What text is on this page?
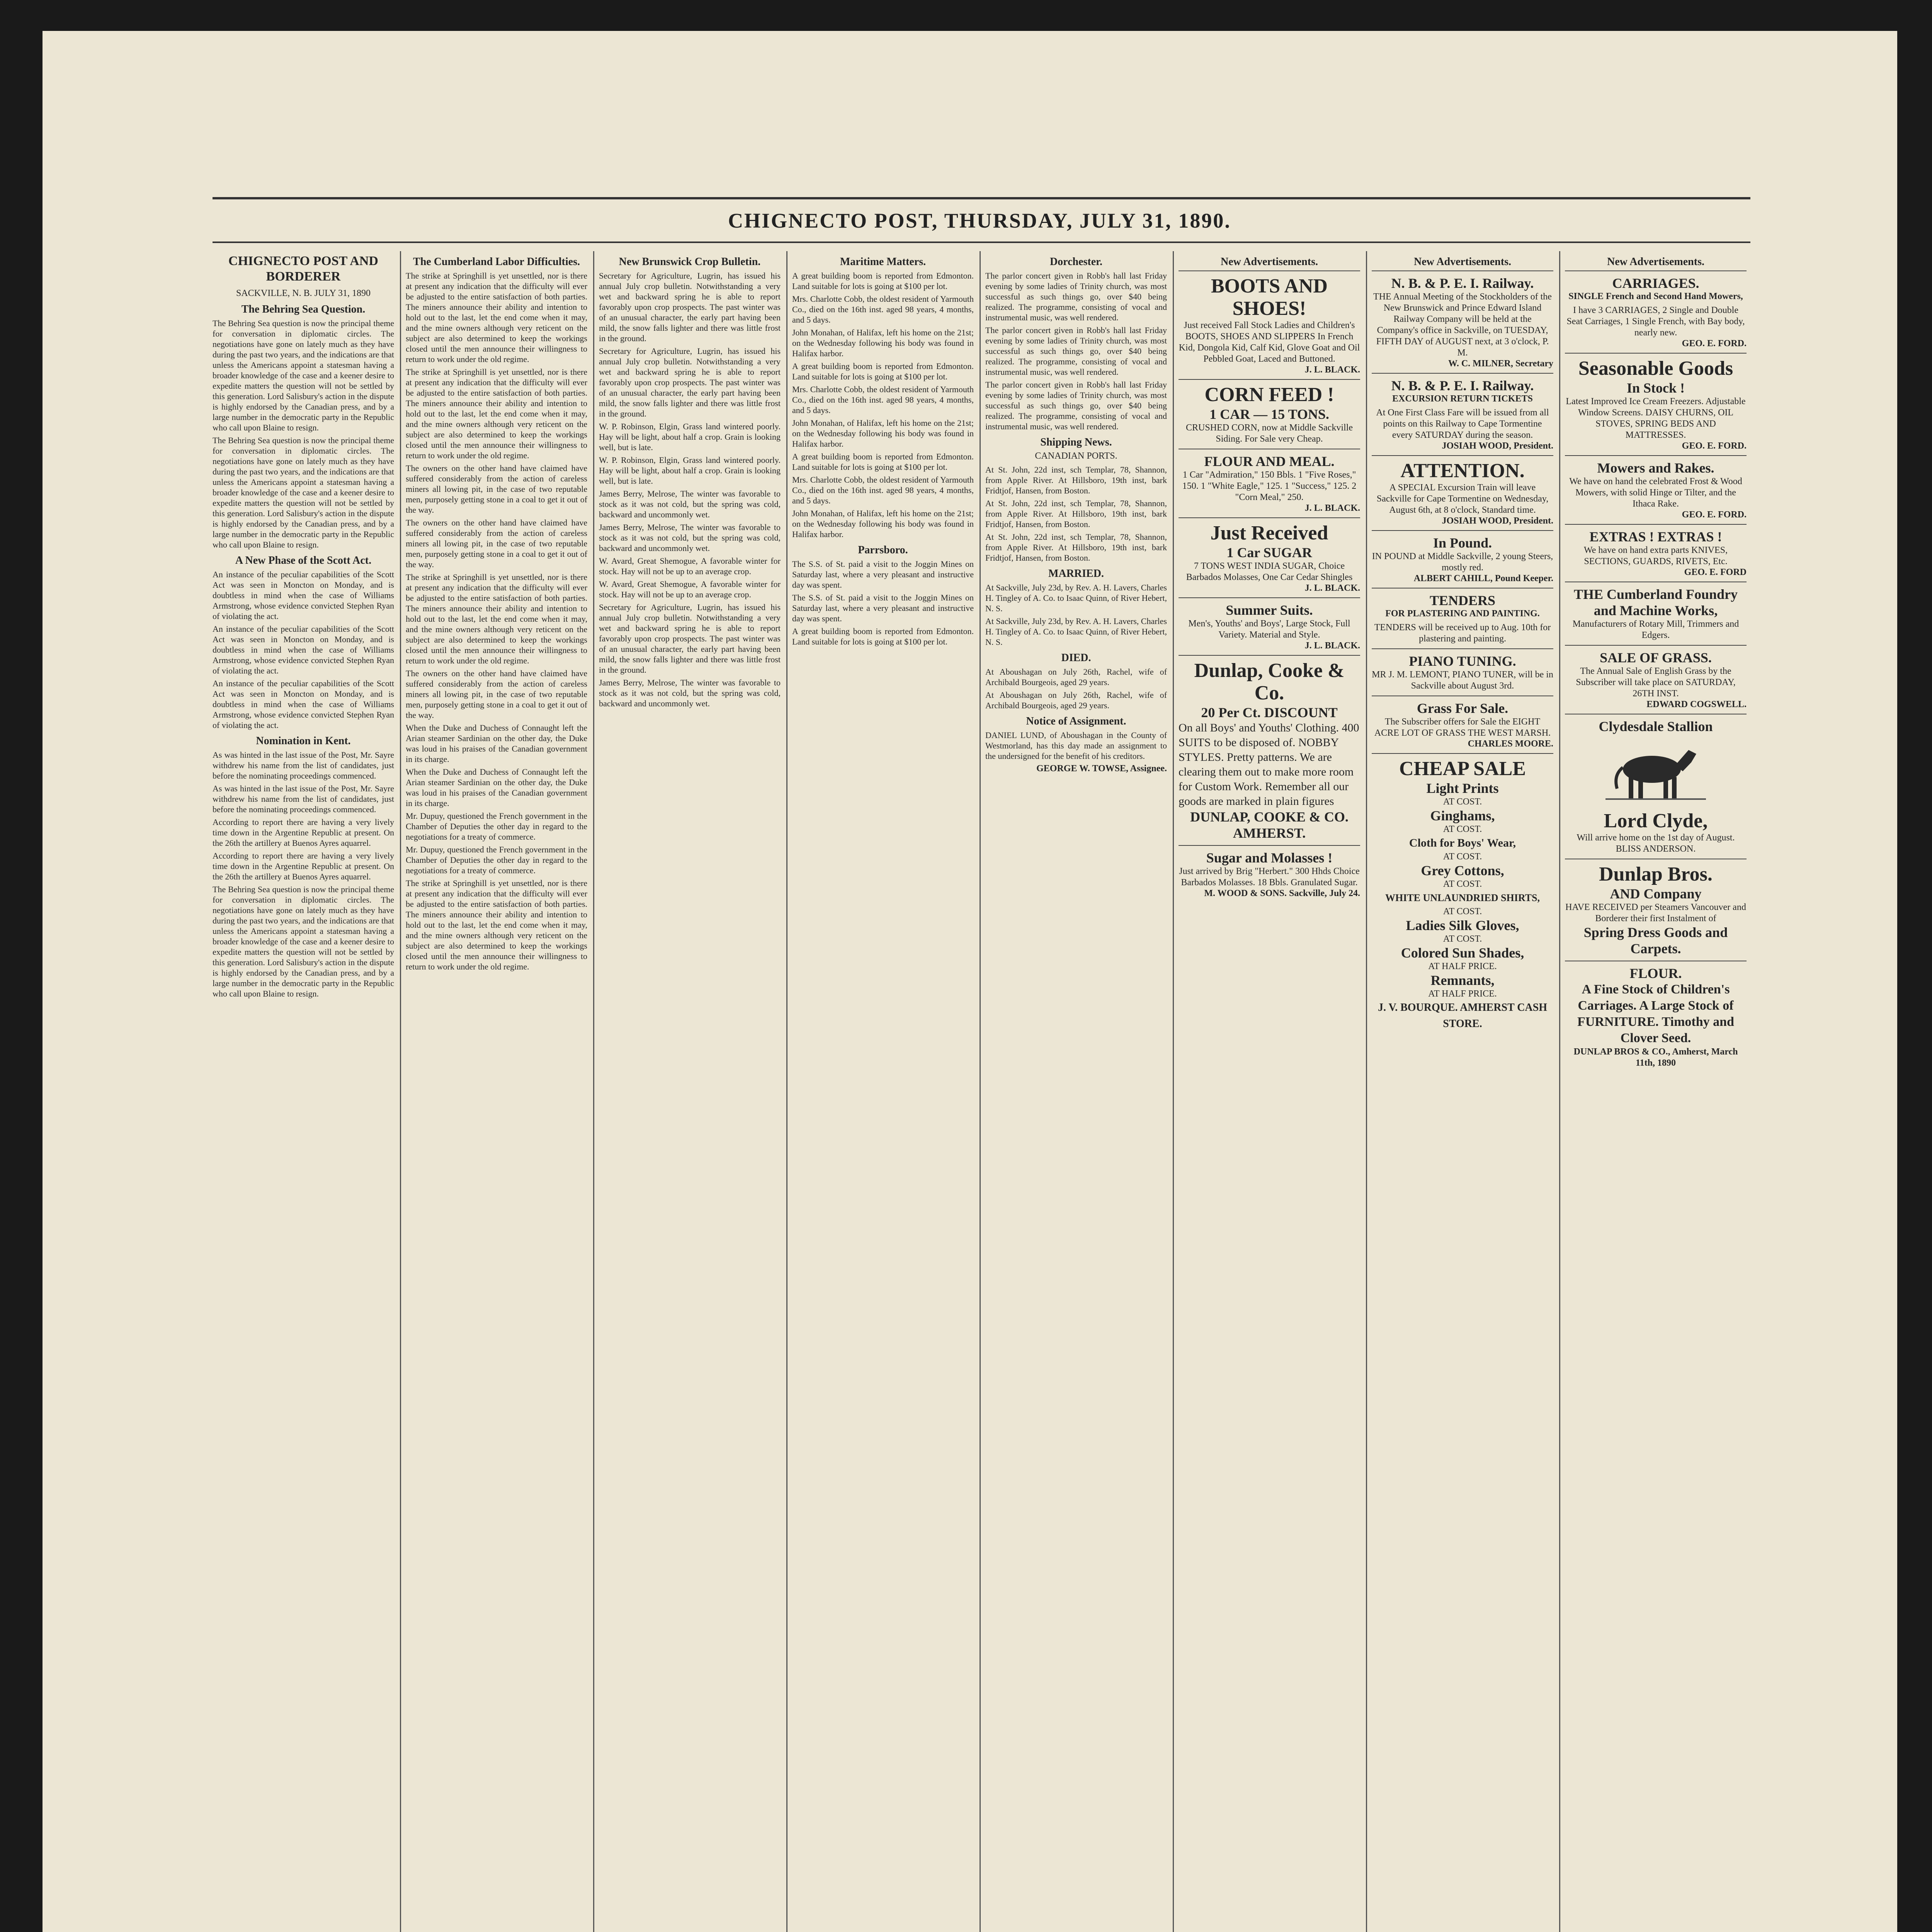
CHIGNECTO POST, THURSDAY, JULY 31, 1890.
CHIGNECTO POST AND BORDERER
SACKVILLE, N. B. JULY 31, 1890
The Behring Sea Question.
The Behring Sea question is now the principal theme for conversation in diplomatic circles. The negotiations have gone on lately much as they have during the past two years, and the indications are that unless the Americans appoint a statesman having a broader knowledge of the case and a keener desire to expedite matters the question will not be settled by this generation. Lord Salisbury's action in the dispute is highly endorsed by the Canadian press, and by a large number in the democratic party in the Republic who call upon Blaine to resign.
The Behring Sea question is now the principal theme for conversation in diplomatic circles. The negotiations have gone on lately much as they have during the past two years, and the indications are that unless the Americans appoint a statesman having a broader knowledge of the case and a keener desire to expedite matters the question will not be settled by this generation. Lord Salisbury's action in the dispute is highly endorsed by the Canadian press, and by a large number in the democratic party in the Republic who call upon Blaine to resign.
A New Phase of the Scott Act.
An instance of the peculiar capabilities of the Scott Act was seen in Moncton on Monday, and is doubtless in mind when the case of Williams Armstrong, whose evidence convicted Stephen Ryan of violating the act.
An instance of the peculiar capabilities of the Scott Act was seen in Moncton on Monday, and is doubtless in mind when the case of Williams Armstrong, whose evidence convicted Stephen Ryan of violating the act.
An instance of the peculiar capabilities of the Scott Act was seen in Moncton on Monday, and is doubtless in mind when the case of Williams Armstrong, whose evidence convicted Stephen Ryan of violating the act.
Nomination in Kent.
As was hinted in the last issue of the Post, Mr. Sayre withdrew his name from the list of candidates, just before the nominating proceedings commenced.
As was hinted in the last issue of the Post, Mr. Sayre withdrew his name from the list of candidates, just before the nominating proceedings commenced.
According to report there are having a very lively time down in the Argentine Republic at present. On the 26th the artillery at Buenos Ayres aquarrel.
According to report there are having a very lively time down in the Argentine Republic at present. On the 26th the artillery at Buenos Ayres aquarrel.
The Behring Sea question is now the principal theme for conversation in diplomatic circles. The negotiations have gone on lately much as they have during the past two years, and the indications are that unless the Americans appoint a statesman having a broader knowledge of the case and a keener desire to expedite matters the question will not be settled by this generation. Lord Salisbury's action in the dispute is highly endorsed by the Canadian press, and by a large number in the democratic party in the Republic who call upon Blaine to resign.
The Cumberland Labor Difficulties.
The strike at Springhill is yet unsettled, nor is there at present any indication that the difficulty will ever be adjusted to the entire satisfaction of both parties. The miners announce their ability and intention to hold out to the last, let the end come when it may, and the mine owners although very reticent on the subject are also determined to keep the workings closed until the men announce their willingness to return to work under the old regime.
The strike at Springhill is yet unsettled, nor is there at present any indication that the difficulty will ever be adjusted to the entire satisfaction of both parties. The miners announce their ability and intention to hold out to the last, let the end come when it may, and the mine owners although very reticent on the subject are also determined to keep the workings closed until the men announce their willingness to return to work under the old regime.
The owners on the other hand have claimed have suffered considerably from the action of careless miners all lowing pit, in the case of two reputable men, purposely getting stone in a coal to get it out of the way.
The owners on the other hand have claimed have suffered considerably from the action of careless miners all lowing pit, in the case of two reputable men, purposely getting stone in a coal to get it out of the way.
The strike at Springhill is yet unsettled, nor is there at present any indication that the difficulty will ever be adjusted to the entire satisfaction of both parties. The miners announce their ability and intention to hold out to the last, let the end come when it may, and the mine owners although very reticent on the subject are also determined to keep the workings closed until the men announce their willingness to return to work under the old regime.
The owners on the other hand have claimed have suffered considerably from the action of careless miners all lowing pit, in the case of two reputable men, purposely getting stone in a coal to get it out of the way.
When the Duke and Duchess of Connaught left the Arian steamer Sardinian on the other day, the Duke was loud in his praises of the Canadian government in its charge.
When the Duke and Duchess of Connaught left the Arian steamer Sardinian on the other day, the Duke was loud in his praises of the Canadian government in its charge.
Mr. Dupuy, questioned the French government in the Chamber of Deputies the other day in regard to the negotiations for a treaty of commerce.
Mr. Dupuy, questioned the French government in the Chamber of Deputies the other day in regard to the negotiations for a treaty of commerce.
The strike at Springhill is yet unsettled, nor is there at present any indication that the difficulty will ever be adjusted to the entire satisfaction of both parties. The miners announce their ability and intention to hold out to the last, let the end come when it may, and the mine owners although very reticent on the subject are also determined to keep the workings closed until the men announce their willingness to return to work under the old regime.
New Brunswick Crop Bulletin.
Secretary for Agriculture, Lugrin, has issued his annual July crop bulletin. Notwithstanding a very wet and backward spring he is able to report favorably upon crop prospects. The past winter was of an unusual character, the early part having been mild, the snow falls lighter and there was little frost in the ground.
Secretary for Agriculture, Lugrin, has issued his annual July crop bulletin. Notwithstanding a very wet and backward spring he is able to report favorably upon crop prospects. The past winter was of an unusual character, the early part having been mild, the snow falls lighter and there was little frost in the ground.
W. P. Robinson, Elgin, Grass land wintered poorly. Hay will be light, about half a crop. Grain is looking well, but is late.
W. P. Robinson, Elgin, Grass land wintered poorly. Hay will be light, about half a crop. Grain is looking well, but is late.
James Berry, Melrose, The winter was favorable to stock as it was not cold, but the spring was cold, backward and uncommonly wet.
James Berry, Melrose, The winter was favorable to stock as it was not cold, but the spring was cold, backward and uncommonly wet.
W. Avard, Great Shemogue, A favorable winter for stock. Hay will not be up to an average crop.
W. Avard, Great Shemogue, A favorable winter for stock. Hay will not be up to an average crop.
Secretary for Agriculture, Lugrin, has issued his annual July crop bulletin. Notwithstanding a very wet and backward spring he is able to report favorably upon crop prospects. The past winter was of an unusual character, the early part having been mild, the snow falls lighter and there was little frost in the ground.
James Berry, Melrose, The winter was favorable to stock as it was not cold, but the spring was cold, backward and uncommonly wet.
Maritime Matters.
A great building boom is reported from Edmonton. Land suitable for lots is going at $100 per lot.
Mrs. Charlotte Cobb, the oldest resident of Yarmouth Co., died on the 16th inst. aged 98 years, 4 months, and 5 days.
John Monahan, of Halifax, left his home on the 21st; on the Wednesday following his body was found in Halifax harbor.
A great building boom is reported from Edmonton. Land suitable for lots is going at $100 per lot.
Mrs. Charlotte Cobb, the oldest resident of Yarmouth Co., died on the 16th inst. aged 98 years, 4 months, and 5 days.
John Monahan, of Halifax, left his home on the 21st; on the Wednesday following his body was found in Halifax harbor.
A great building boom is reported from Edmonton. Land suitable for lots is going at $100 per lot.
Mrs. Charlotte Cobb, the oldest resident of Yarmouth Co., died on the 16th inst. aged 98 years, 4 months, and 5 days.
John Monahan, of Halifax, left his home on the 21st; on the Wednesday following his body was found in Halifax harbor.
Parrsboro.
The S.S. of St. paid a visit to the Joggin Mines on Saturday last, where a very pleasant and instructive day was spent.
The S.S. of St. paid a visit to the Joggin Mines on Saturday last, where a very pleasant and instructive day was spent.
A great building boom is reported from Edmonton. Land suitable for lots is going at $100 per lot.
Dorchester.
The parlor concert given in Robb's hall last Friday evening by some ladies of Trinity church, was most successful as such things go, over $40 being realized. The programme, consisting of vocal and instrumental music, was well rendered.
The parlor concert given in Robb's hall last Friday evening by some ladies of Trinity church, was most successful as such things go, over $40 being realized. The programme, consisting of vocal and instrumental music, was well rendered.
The parlor concert given in Robb's hall last Friday evening by some ladies of Trinity church, was most successful as such things go, over $40 being realized. The programme, consisting of vocal and instrumental music, was well rendered.
Shipping News.
CANADIAN PORTS.
At St. John, 22d inst, sch Templar, 78, Shannon, from Apple River. At Hillsboro, 19th inst, bark Fridtjof, Hansen, from Boston.
At St. John, 22d inst, sch Templar, 78, Shannon, from Apple River. At Hillsboro, 19th inst, bark Fridtjof, Hansen, from Boston.
At St. John, 22d inst, sch Templar, 78, Shannon, from Apple River. At Hillsboro, 19th inst, bark Fridtjof, Hansen, from Boston.
MARRIED.
At Sackville, July 23d, by Rev. A. H. Lavers, Charles H. Tingley of A. Co. to Isaac Quinn, of River Hebert, N. S.
At Sackville, July 23d, by Rev. A. H. Lavers, Charles H. Tingley of A. Co. to Isaac Quinn, of River Hebert, N. S.
DIED.
At Aboushagan on July 26th, Rachel, wife of Archibald Bourgeois, aged 29 years.
At Aboushagan on July 26th, Rachel, wife of Archibald Bourgeois, aged 29 years.
Notice of Assignment.
DANIEL LUND, of Aboushagan in the County of Westmorland, has this day made an assignment to the undersigned for the benefit of his creditors.
GEORGE W. TOWSE, Assignee.
New Advertisements.
BOOTS AND SHOES!
Just received Fall Stock Ladies and Children's BOOTS, SHOES AND SLIPPERS In French Kid, Dongola Kid, Calf Kid, Glove Goat and Oil Pebbled Goat, Laced and Buttoned.
J. L. BLACK.
CORN FEED !
1 CAR — 15 TONS.
CRUSHED CORN, now at Middle Sackville Siding. For Sale very Cheap.
FLOUR AND MEAL.
1 Car "Admiration," 150 Bbls. 1 "Five Roses," 150. 1 "White Eagle," 125. 1 "Success," 125. 2 "Corn Meal," 250.
J. L. BLACK.
Just Received
1 Car SUGAR
7 TONS WEST INDIA SUGAR, Choice Barbados Molasses, One Car Cedar Shingles
J. L. BLACK.
Summer Suits.
Men's, Youths' and Boys', Large Stock, Full Variety. Material and Style.
J. L. BLACK.
Dunlap, Cooke & Co.
20 Per Ct. DISCOUNT
On all Boys' and Youths' Clothing. 400 SUITS to be disposed of. NOBBY STYLES. Pretty patterns. We are clearing them out to make more room for Custom Work. Remember all our goods are marked in plain figures
DUNLAP, COOKE & CO. AMHERST.
Sugar and Molasses !
Just arrived by Brig "Herbert." 300 Hhds Choice Barbados Molasses. 18 Bbls. Granulated Sugar.
M. WOOD & SONS. Sackville, July 24.
New Advertisements.
N. B. & P. E. I. Railway.
THE Annual Meeting of the Stockholders of the New Brunswick and Prince Edward Island Railway Company will be held at the Company's office in Sackville, on TUESDAY, FIFTH DAY of AUGUST next, at 3 o'clock, P. M.
W. C. MILNER, Secretary
N. B. & P. E. I. Railway.
EXCURSION RETURN TICKETS
At One First Class Fare will be issued from all points on this Railway to Cape Tormentine every SATURDAY during the season.
JOSIAH WOOD, President.
ATTENTION.
A SPECIAL Excursion Train will leave Sackville for Cape Tormentine on Wednesday, August 6th, at 8 o'clock, Standard time.
JOSIAH WOOD, President.
In Pound.
IN POUND at Middle Sackville, 2 young Steers, mostly red.
ALBERT CAHILL, Pound Keeper.
TENDERS
FOR PLASTERING AND PAINTING.
TENDERS will be received up to Aug. 10th for plastering and painting.
PIANO TUNING.
MR J. M. LEMONT, PIANO TUNER, will be in Sackville about August 3rd.
Grass For Sale.
The Subscriber offers for Sale the EIGHT ACRE LOT OF GRASS THE WEST MARSH.
CHARLES MOORE.
CHEAP SALE
Light Prints
AT COST.
Ginghams,
AT COST.
Cloth for Boys' Wear,
AT COST.
Grey Cottons,
AT COST.
WHITE UNLAUNDRIED SHIRTS,
AT COST.
Ladies Silk Gloves,
AT COST.
Colored Sun Shades,
AT HALF PRICE.
Remnants,
AT HALF PRICE.
J. V. BOURQUE. AMHERST CASH STORE.
New Advertisements.
CARRIAGES.
SINGLE French and Second Hand Mowers,
I have 3 CARRIAGES, 2 Single and Double Seat Carriages, 1 Single French, with Bay body, nearly new.
GEO. E. FORD.
Seasonable Goods
In Stock !
Latest Improved Ice Cream Freezers. Adjustable Window Screens. DAISY CHURNS, OIL STOVES, SPRING BEDS AND MATTRESSES.
GEO. E. FORD.
Mowers and Rakes.
We have on hand the celebrated Frost & Wood Mowers, with solid Hinge or Tilter, and the Ithaca Rake.
GEO. E. FORD.
EXTRAS ! EXTRAS !
We have on hand extra parts KNIVES, SECTIONS, GUARDS, RIVETS, Etc.
GEO. E. FORD
THE Cumberland Foundry and Machine Works,
Manufacturers of Rotary Mill, Trimmers and Edgers.
SALE OF GRASS.
The Annual Sale of English Grass by the Subscriber will take place on SATURDAY, 26TH INST.
EDWARD COGSWELL.
Clydesdale Stallion
Lord Clyde,
Will arrive home on the 1st day of August. BLISS ANDERSON.
Dunlap Bros.
AND Company
HAVE RECEIVED per Steamers Vancouver and Borderer their first Instalment of
Spring Dress Goods and Carpets.
FLOUR.
A Fine Stock of Children's Carriages. A Large Stock of FURNITURE. Timothy and Clover Seed.
DUNLAP BROS & CO., Amherst, March 11th, 1890
